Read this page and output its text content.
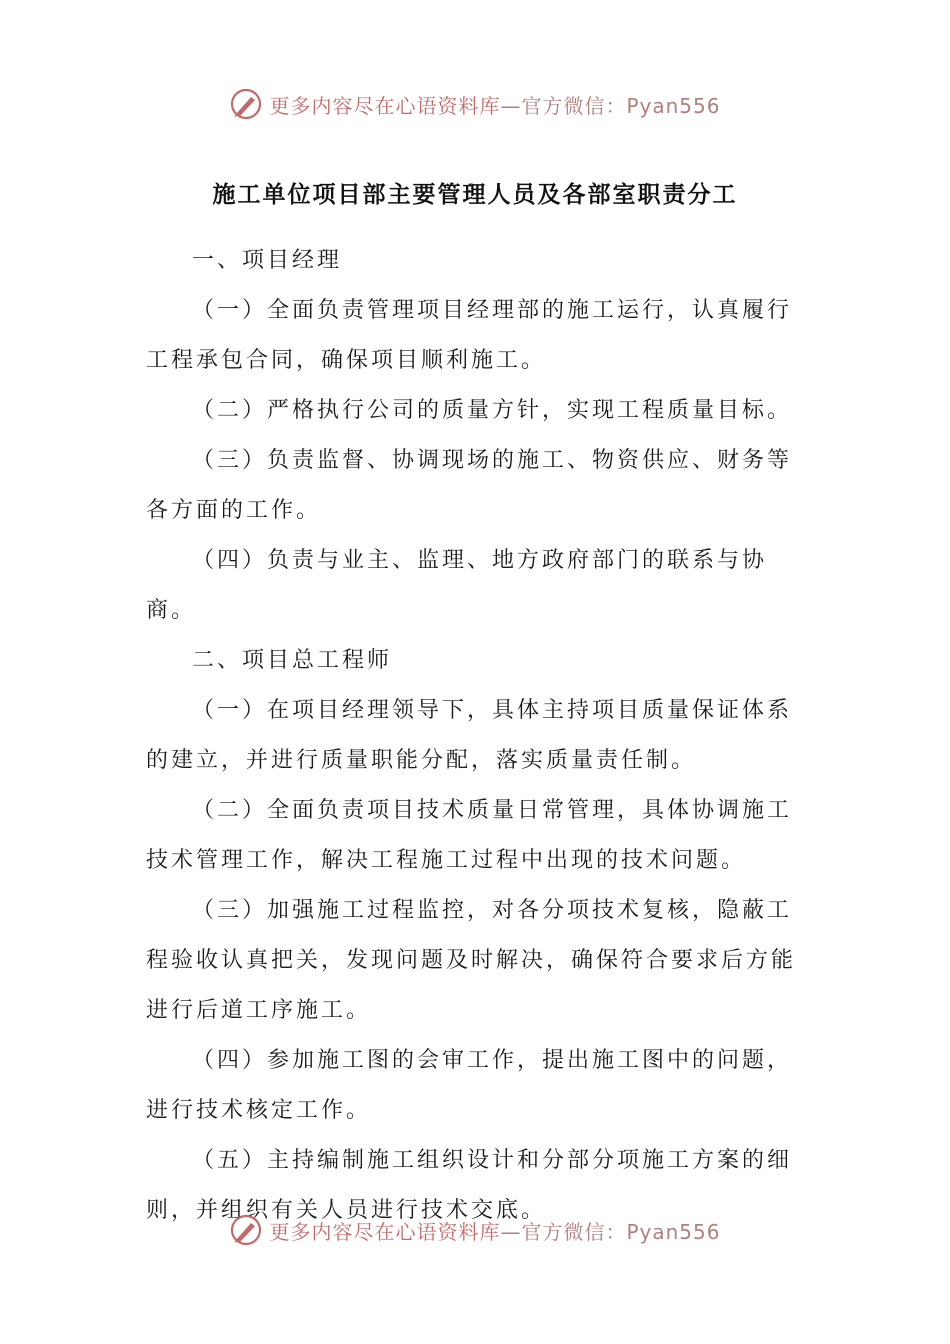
更多内容尽在心语资料库—官方微信：Pyan556
施工单位项目部主要管理人员及各部室职责分工

一、项目经理

（一）全面负责管理项目经理部的施工运行，认真履行工程承包合同，确保项目顺利施工。

（二）严格执行公司的质量方针，实现工程质量目标。

（三）负责监督、协调现场的施工、物资供应、财务等各方面的工作。

（四）负责与业主、监理、地方政府部门的联系与协商。

二、项目总工程师

（一）在项目经理领导下，具体主持项目质量保证体系的建立，并进行质量职能分配，落实质量责任制。

（二）全面负责项目技术质量日常管理，具体协调施工技术管理工作，解决工程施工过程中出现的技术问题。

（三）加强施工过程监控，对各分项技术复核，隐蔽工程验收认真把关，发现问题及时解决，确保符合要求后方能进行后道工序施工。

（四）参加施工图的会审工作，提出施工图中的问题，进行技术核定工作。

（五）主持编制施工组织设计和分部分项施工方案的细则，并组织有关人员进行技术交底。

更多内容尽在心语资料库—官方微信：Pyan556
